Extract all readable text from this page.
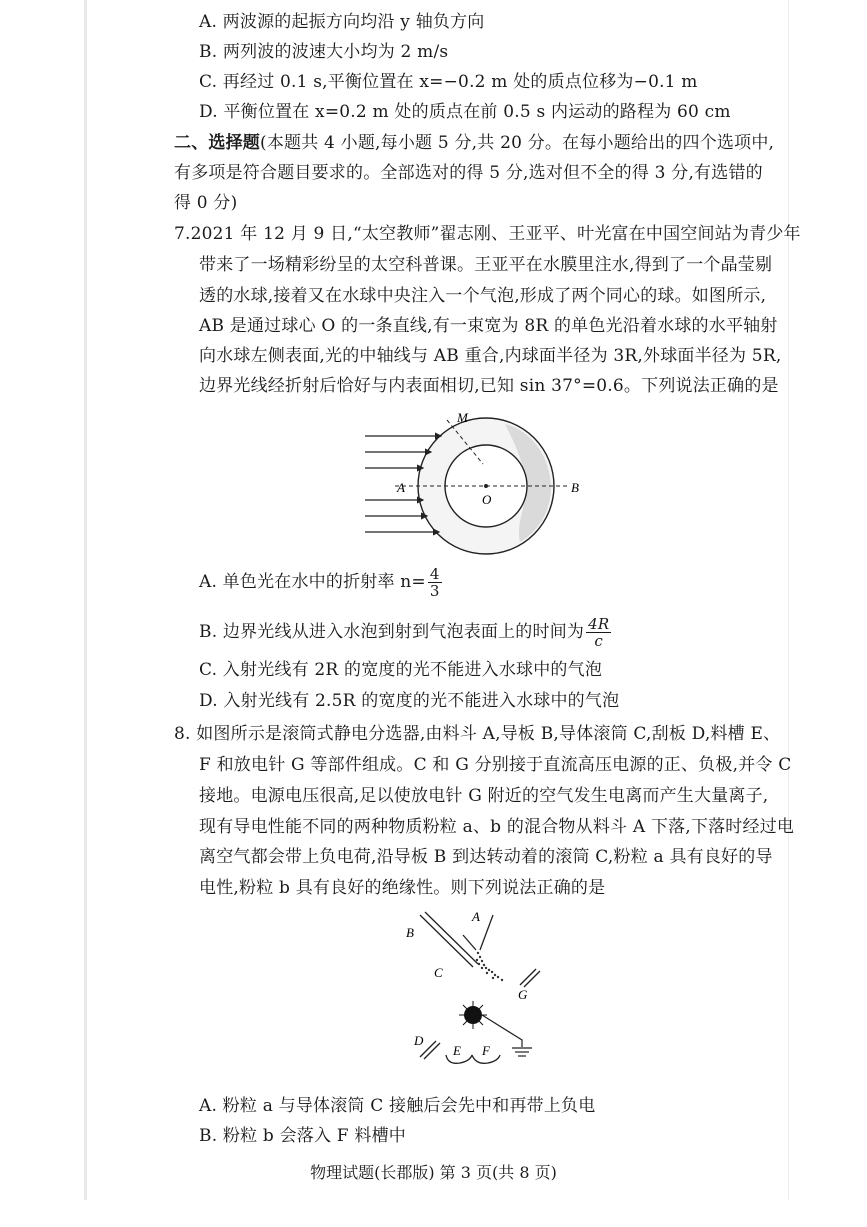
A. 两波源的起振方向均沿 y 轴负方向
B. 两列波的波速大小均为 2 m/s
C. 再经过 0.1 s,平衡位置在 x=−0.2 m 处的质点位移为−0.1 m
D. 平衡位置在 x=0.2 m 处的质点在前 0.5 s 内运动的路程为 60 cm
二、选择题(本题共 4 小题,每小题 5 分,共 20 分。在每小题给出的四个选项中,
有多项是符合题目要求的。全部选对的得 5 分,选对但不全的得 3 分,有选错的
得 0 分)
7.2021 年 12 月 9 日,“太空教师”翟志刚、王亚平、叶光富在中国空间站为青少年
带来了一场精彩纷呈的太空科普课。王亚平在水膜里注水,得到了一个晶莹剔
透的水球,接着又在水球中央注入一个气泡,形成了两个同心的球。如图所示,
AB 是通过球心 O 的一条直线,有一束宽为 8R 的单色光沿着水球的水平轴射
向水球左侧表面,光的中轴线与 AB 重合,内球面半径为 3R,外球面半径为 5R,
边界光线经折射后恰好与内表面相切,已知 sin 37°=0.6。下列说法正确的是
M
A
O
B
A. 单色光在水中的折射率 $n= \frac{4}{3}$
B. 边界光线从进入水泡到射到气泡表面上的时间为 $\frac{4R}{c}$
C. 入射光线有 2R 的宽度的光不能进入水球中的气泡
D. 入射光线有 2.5R 的宽度的光不能进入水球中的气泡
8. 如图所示是滚筒式静电分选器,由料斗 A,导板 B,导体滚筒 C,刮板 D,料槽 E、
F 和放电针 G 等部件组成。C 和 G 分别接于直流高压电源的正、负极,并令 C
接地。电源电压很高,足以使放电针 G 附近的空气发生电离而产生大量离子,
现有导电性能不同的两种物质粉粒 a、b 的混合物从料斗 A 下落,下落时经过电
离空气都会带上负电荷,沿导板 B 到达转动着的滚筒 C,粉粒 a 具有良好的导
电性,粉粒 b 具有良好的绝缘性。则下列说法正确的是
B
A
C
G
D
E F
A. 粉粒 a 与导体滚筒 C 接触后会先中和再带上负电
B. 粉粒 b 会落入 F 料槽中
物理试题(长郡版) 第 3 页(共 8 页)
